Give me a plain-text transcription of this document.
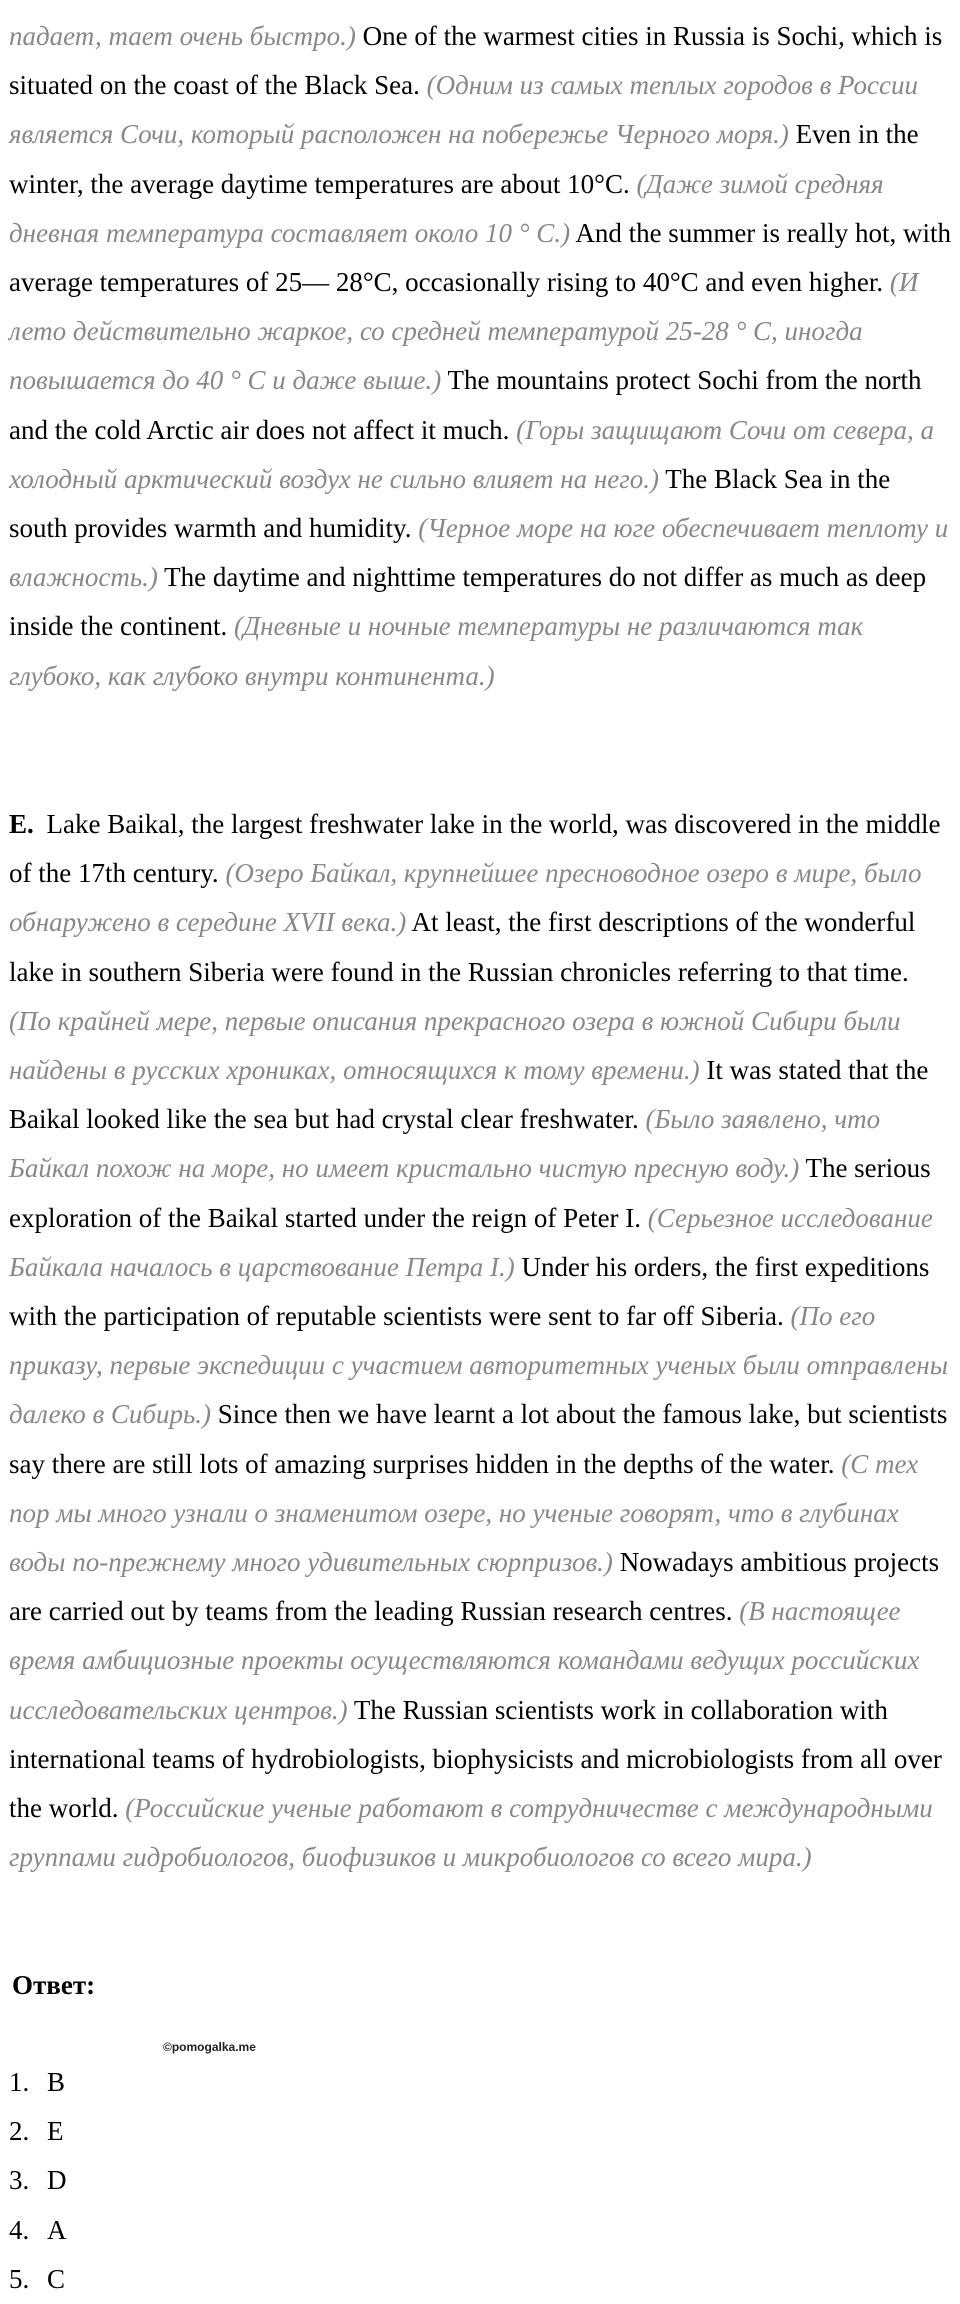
падает, тает очень быстро.) One of the warmest cities in Russia is Sochi, which is situated on the coast of the Black Sea. (Одним из самых теплых городов в России является Сочи, который расположен на побережье Черного моря.) Even in the winter, the average daytime temperatures are about 10°C. (Даже зимой средняя дневная температура составляет около 10 ° С.) And the summer is really hot, with average temperatures of 25— 28°C, occasionally rising to 40°C and even higher. (И лето действительно жаркое, со средней температурой 25-28 ° С, иногда повышается до 40 ° С и даже выше.) The mountains protect Sochi from the north and the cold Arctic air does not affect it much. (Горы защищают Сочи от севера, а холодный арктический воздух не сильно влияет на него.) The Black Sea in the south provides warmth and humidity. (Черное море на юге обеспечивает теплоту и влажность.) The daytime and nighttime temperatures do not differ as much as deep inside the continent. (Дневные и ночные температуры не различаются так глубоко, как глубоко внутри континента.)

E. Lake Baikal, the largest freshwater lake in the world, was discovered in the middle of the 17th century. (Озеро Байкал, крупнейшее пресноводное озеро в мире, было обнаружено в середине XVII века.) At least, the first descriptions of the wonderful lake in southern Siberia were found in the Russian chronicles referring to that time. (По крайней мере, первые описания прекрасного озера в южной Сибири были найдены в русских хрониках, относящихся к тому времени.) It was stated that the Baikal looked like the sea but had crystal clear freshwater. (Было заявлено, что Байкал похож на море, но имеет кристально чистую пресную воду.) The serious exploration of the Baikal started under the reign of Peter I. (Серьезное исследование Байкала началось в царствование Петра I.) Under his orders, the first expeditions with the participation of reputable scientists were sent to far off Siberia. (По его приказу, первые экспедиции с участием авторитетных ученых были отправлены далеко в Сибирь.) Since then we have learnt a lot about the famous lake, but scientists say there are still lots of amazing surprises hidden in the depths of the water. (С тех пор мы много узнали о знаменитом озере, но ученые говорят, что в глубинах воды по-прежнему много удивительных сюрпризов.) Nowadays ambitious projects are carried out by teams from the leading Russian research centres. (В настоящее время амбициозные проекты осуществляются командами ведущих российских исследовательских центров.) The Russian scientists work in collaboration with international teams of hydrobiologists, biophysicists and microbiologists from all over the world. (Российские ученые работают в сотрудничестве с международными группами гидробиологов, биофизиков и микробиологов со всего мира.)

Ответ:
©pomogalka.me
1. B
2. E
3. D
4. A
5. C
